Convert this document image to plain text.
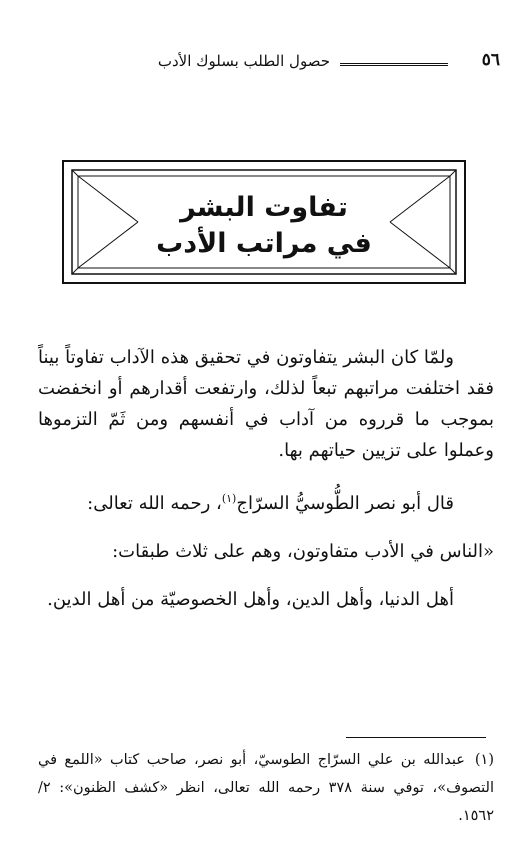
٥٦
حصول الطلب بسلوك الأدب
تفاوت البشر
في مراتب الأدب

ولمّا كان البشر يتفاوتون في تحقيق هذه الآداب تفاوتاً بيناً فقد اختلفت مراتبهم تبعاً لذلك، وارتفعت أقدارهم أو انخفضت بموجب ما قرروه من آداب في أنفسهم ومن ثَمّ التزموها وعملوا على تزيين حياتهم بها.

قال أبو نصر الطُّوسيُّ السرّاج$^{(١)}$، رحمه الله تعالى:

«الناس في الأدب متفاوتون، وهم على ثلاث طبقات:

أهل الدنيا، وأهل الدين، وأهل الخصوصيّة من أهل الدين.

(١)عبدالله بن علي السرّاج الطوسيّ، أبو نصر، صاحب كتاب «اللمع في التصوف»، توفي سنة ٣٧٨ رحمه الله تعالى، انظر «كشف الظنون»: ٢/ ١٥٦٢.
